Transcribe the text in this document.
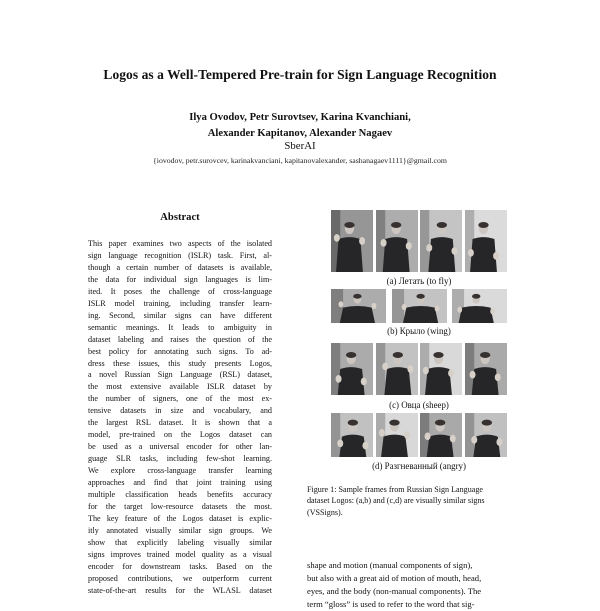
Logos as a Well-Tempered Pre-train for Sign Language Recognition
Ilya Ovodov, Petr Surovtsev, Karina Kvanchiani,
Alexander Kapitanov, Alexander Nagaev
SberAI
{iovodov, petr.surovcev, karinakvanciani, kapitanovalexander, sashanagaev1111}@gmail.com
Abstract
This paper examines two aspects of the isolated
sign language recognition (ISLR) task. First, al-
though a certain number of datasets is available,
the data for individual sign languages is lim-
ited. It poses the challenge of cross-language
ISLR model training, including transfer learn-
ing. Second, similar signs can have different
semantic meanings. It leads to ambiguity in
dataset labeling and raises the question of the
best policy for annotating such signs. To ad-
dress these issues, this study presents Logos,
a novel Russian Sign Language (RSL) dataset,
the most extensive available ISLR dataset by
the number of signers, one of the most ex-
tensive datasets in size and vocabulary, and
the largest RSL dataset. It is shown that a
model, pre-trained on the Logos dataset can
be used as a universal encoder for other lan-
guage SLR tasks, including few-shot learning.
We explore cross-language transfer learning
approaches and find that joint training using
multiple classification heads benefits accuracy
for the target low-resource datasets the most.
The key feature of the Logos dataset is explic-
itly annotated visually similar sign groups. We
show that explicitly labeling visually similar
signs improves trained model quality as a visual
encoder for downstream tasks. Based on the
proposed contributions, we outperform current
state-of-the-art results for the WLASL dataset
(a) Летать (to fly)
(b) Крыло (wing)
(c) Овца (sheep)
(d) Разгневанный (angry)
Figure 1: Sample frames from Russian Sign Language
dataset Logos: (a,b) and (c,d) are visually similar signs
(VSSigns).
shape and motion (manual components of sign),
but also with a great aid of motion of mouth, head,
eyes, and the body (non-manual components). The
term “gloss” is used to refer to the word that sig-
